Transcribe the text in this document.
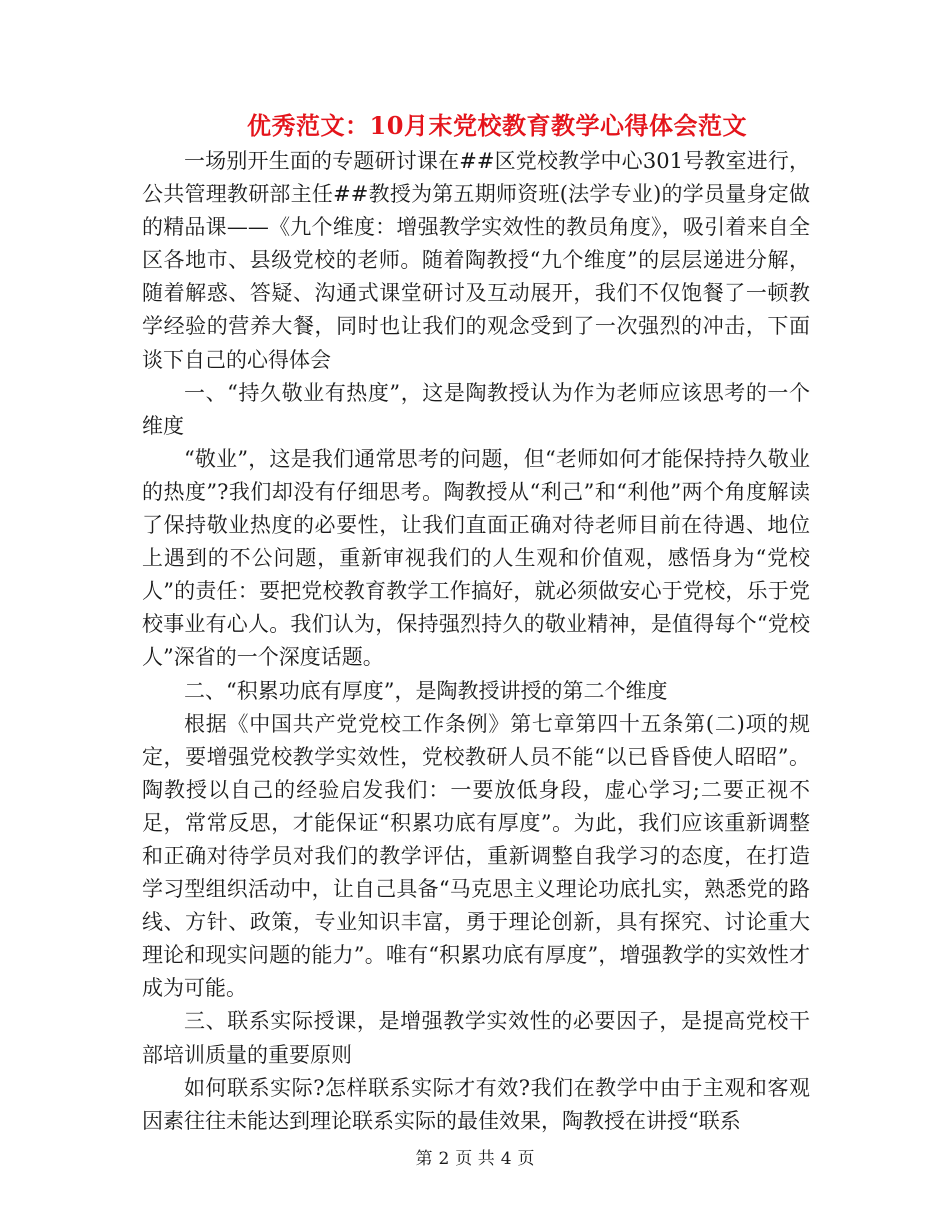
优秀范文：10月末党校教育教学心得体会范文

一场别开生面的专题研讨课在##区党校教学中心301号教室进行，公共管理教研部主任##教授为第五期师资班(法学专业)的学员量身定做的精品课——《九个维度：增强教学实效性的教员角度》，吸引着来自全区各地市、县级党校的老师。随着陶教授“九个维度”的层层递进分解，随着解惑、答疑、沟通式课堂研讨及互动展开，我们不仅饱餐了一顿教学经验的营养大餐，同时也让我们的观念受到了一次强烈的冲击，下面谈下自己的心得体会

一、“持久敬业有热度”，这是陶教授认为作为老师应该思考的一个维度

“敬业”，这是我们通常思考的问题，但“老师如何才能保持持久敬业的热度”?我们却没有仔细思考。陶教授从“利己”和“利他”两个角度解读了保持敬业热度的必要性，让我们直面正确对待老师目前在待遇、地位上遇到的不公问题，重新审视我们的人生观和价值观，感悟身为“党校人”的责任：要把党校教育教学工作搞好，就必须做安心于党校，乐于党校事业有心人。我们认为，保持强烈持久的敬业精神，是值得每个“党校人”深省的一个深度话题。

二、“积累功底有厚度”，是陶教授讲授的第二个维度

根据《中国共产党党校工作条例》第七章第四十五条第(二)项的规定，要增强党校教学实效性，党校教研人员不能“以已昏昏使人昭昭”。陶教授以自己的经验启发我们：一要放低身段，虚心学习;二要正视不足，常常反思，才能保证“积累功底有厚度”。为此，我们应该重新调整和正确对待学员对我们的教学评估，重新调整自我学习的态度，在打造学习型组织活动中，让自己具备“马克思主义理论功底扎实，熟悉党的路线、方针、政策，专业知识丰富，勇于理论创新，具有探究、讨论重大理论和现实问题的能力”。唯有“积累功底有厚度”，增强教学的实效性才成为可能。

三、联系实际授课，是增强教学实效性的必要因子，是提高党校干部培训质量的重要原则

如何联系实际?怎样联系实际才有效?我们在教学中由于主观和客观因素往往未能达到理论联系实际的最佳效果，陶教授在讲授“联系

第 2 页 共 4 页
